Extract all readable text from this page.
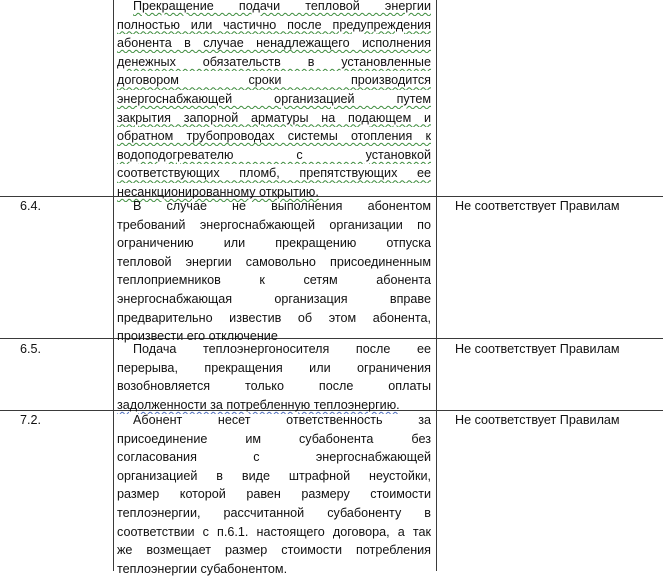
Прекращение подачи тепловой энергии
полностью или частично после предупреждения
абонента в случае ненадлежащего исполнения
денежных обязательств в установленные
договором сроки производится
энергоснабжающей организацией путем
закрытия запорной арматуры на подающем и
обратном трубопроводах системы отопления к
водоподогревателю с установкой
соответствующих пломб, препятствующих ее
несанкционированному открытию.
6.4.	В случае не выполнения абонентом
требований энергоснабжающей организации по
ограничению или прекращению отпуска
тепловой энергии самовольно присоединенным
теплоприемников к сетям абонента
энергоснабжающая организация вправе
предварительно известив об этом абонента,
произвести его отключение
Не соответствует Правилам
6.5.	Подача теплоэнергоносителя после ее
перерыва, прекращения или ограничения
возобновляется только после оплаты
задолженности за потребленную теплоэнергию.
Не соответствует Правилам
7.2.	Абонент несет ответственность за
присоединение им субабонента без
согласования с энергоснабжающей
организацией в виде штрафной неустойки,
размер которой равен размеру стоимости
теплоэнергии, рассчитанной субабоненту в
соответствии с п.6.1. настоящего договора, а так
же возмещает размер стоимости потребления
теплоэнергии субабонентом.
Не соответствует Правилам
